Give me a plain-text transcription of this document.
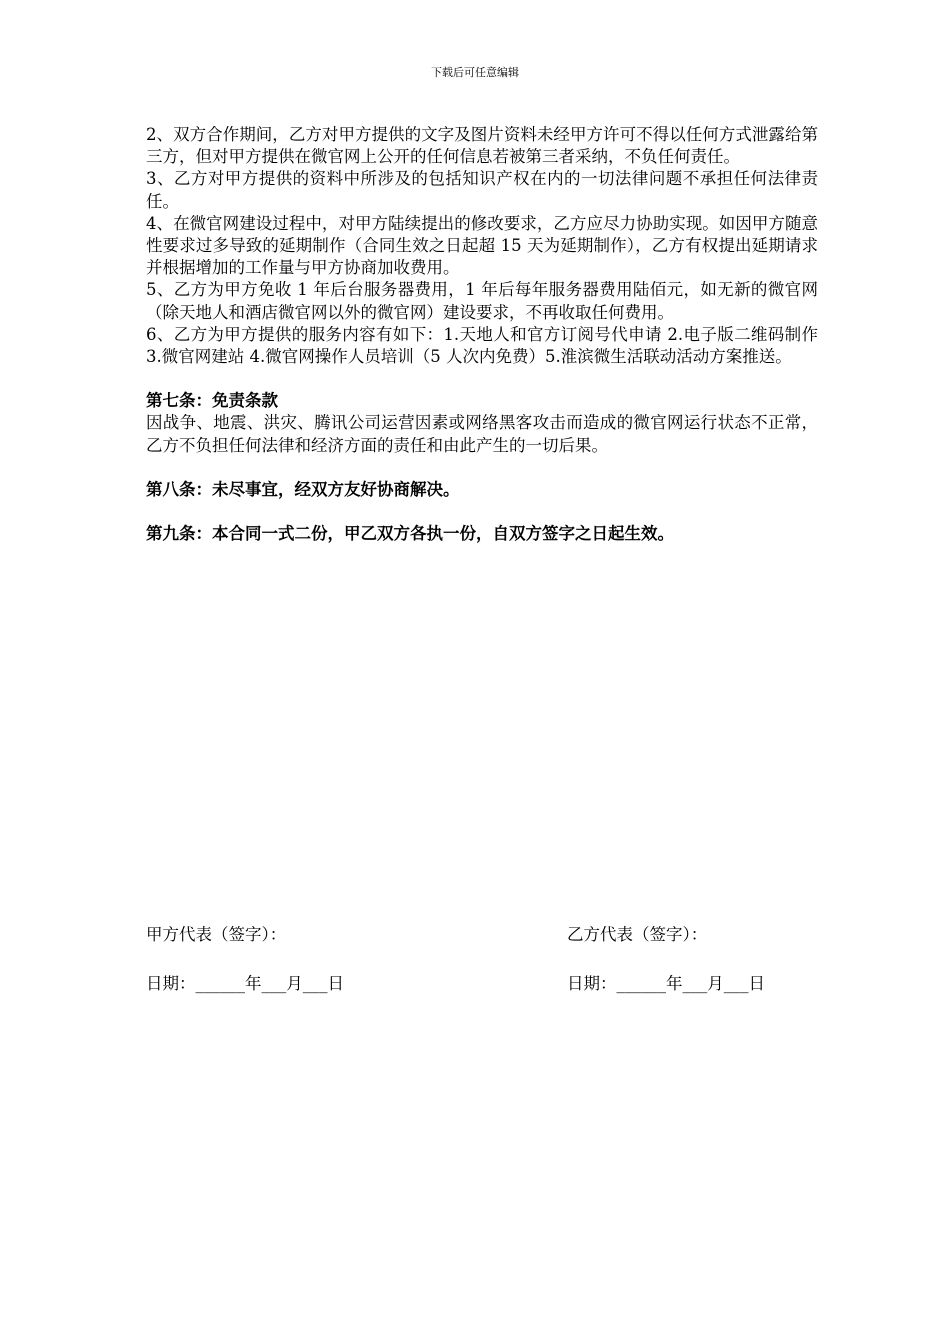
下载后可任意编辑

2、双方合作期间，乙方对甲方提供的文字及图片资料未经甲方许可不得以任何方式泄露给第三方，但对甲方提供在微官网上公开的任何信息若被第三者采纳，不负任何责任。

3、乙方对甲方提供的资料中所涉及的包括知识产权在内的一切法律问题不承担任何法律责任。

4、在微官网建设过程中，对甲方陆续提出的修改要求，乙方应尽力协助实现。如因甲方随意性要求过多导致的延期制作（合同生效之日起超 15 天为延期制作），乙方有权提出延期请求并根据增加的工作量与甲方协商加收费用。

5、乙方为甲方免收 1 年后台服务器费用，1 年后每年服务器费用陆佰元，如无新的微官网（除天地人和酒店微官网以外的微官网）建设要求，不再收取任何费用。

6、乙方为甲方提供的服务内容有如下：1.天地人和官方订阅号代申请 2.电子版二维码制作 3.微官网建站 4.微官网操作人员培训（5 人次内免费）5.淮滨微生活联动活动方案推送。

第七条：免责条款

因战争、地震、洪灾、腾讯公司运营因素或网络黑客攻击而造成的微官网运行状态不正常，乙方不负担任何法律和经济方面的责任和由此产生的一切后果。

第八条：未尽事宜，经双方友好协商解决。

第九条：本合同一式二份，甲乙双方各执一份，自双方签字之日起生效。

甲方代表（签字）：

日期：______年___月___日

乙方代表（签字）：

日期：______年___月___日
